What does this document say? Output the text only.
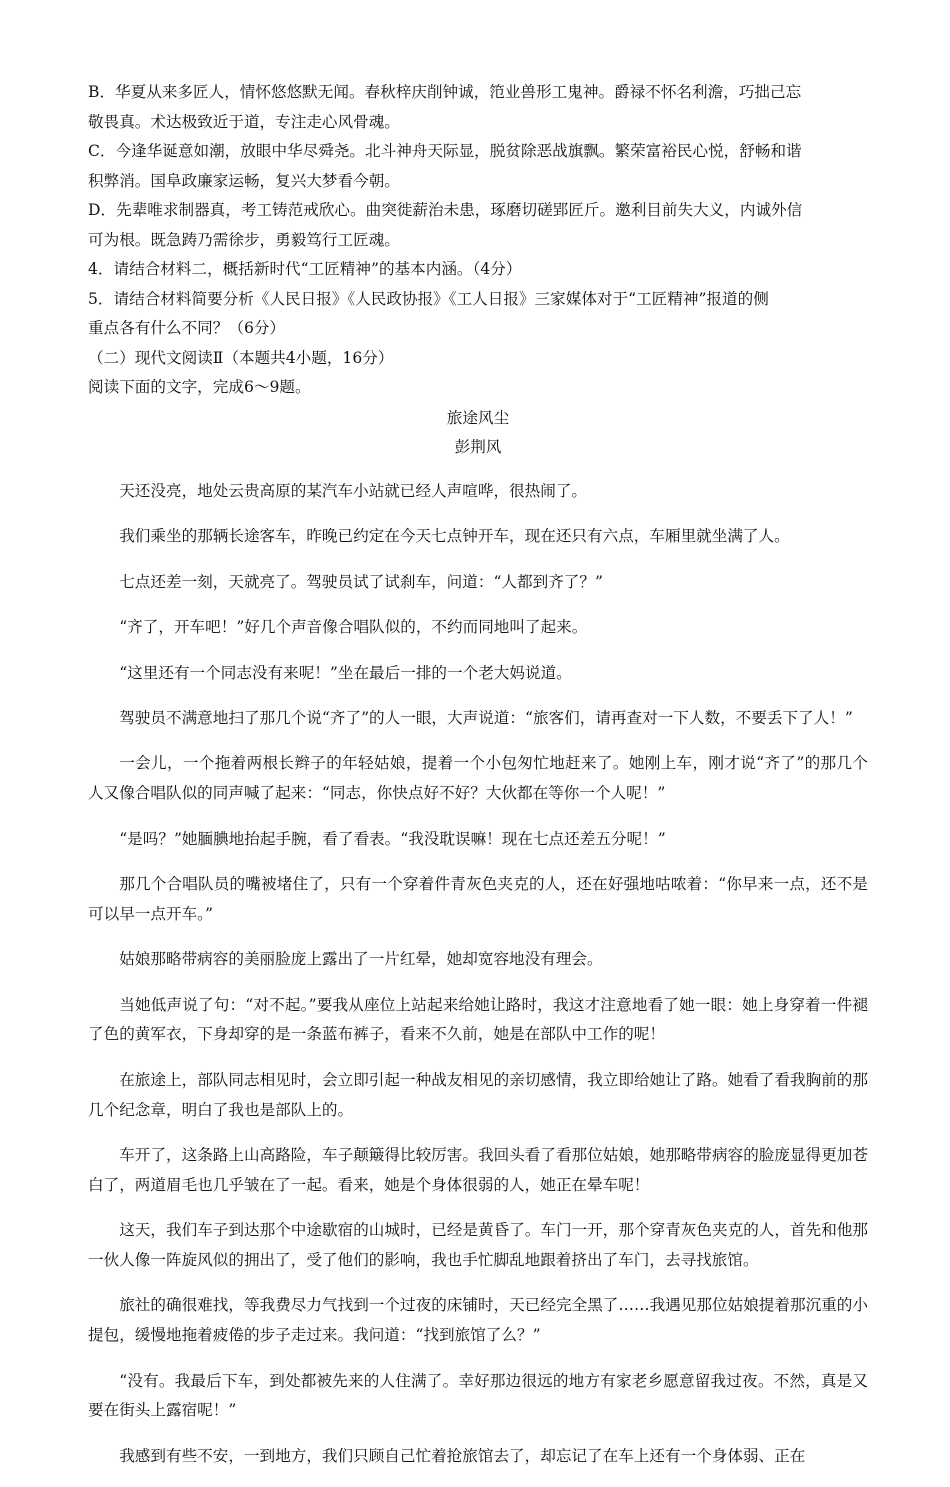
B．华夏从来多匠人，情怀悠悠默无闻。春秋梓庆削钟诚，笵业兽形工鬼神。爵禄不怀名利澹，巧拙己忘

敬畏真。术达极致近于道，专注走心风骨魂。

C．今逢华诞意如潮，放眼中华尽舜尧。北斗神舟天际显，脱贫除恶战旗飘。繁荣富裕民心悦，舒畅和谐

积弊消。国阜政廉家运畅，复兴大梦看今朝。

D．先辈唯求制器真，考工铸范戒欣心。曲突徙薪治未患，琢磨切磋郢匠斤。邀利目前失大义，内诚外信

可为根。既急踌乃需徐步，勇毅笃行工匠魂。

4．请结合材料二，概括新时代“工匠精神”的基本内涵。（4分）

5．请结合材料简要分析《人民日报》《人民政协报》《工人日报》三家媒体对于“工匠精神”报道的侧

重点各有什么不同？（6分）

（二）现代文阅读Ⅱ（本题共4小题，16分）

阅读下面的文字，完成6～9题。

旅途风尘

彭荆风

天还没亮，地处云贵高原的某汽车小站就已经人声喧哗，很热闹了。

我们乘坐的那辆长途客车，昨晚已约定在今天七点钟开车，现在还只有六点，车厢里就坐满了人。

七点还差一刻，天就亮了。驾驶员试了试刹车，问道：“人都到齐了？”

“齐了，开车吧！”好几个声音像合唱队似的，不约而同地叫了起来。

“这里还有一个同志没有来呢！”坐在最后一排的一个老大妈说道。

驾驶员不满意地扫了那几个说“齐了”的人一眼，大声说道：“旅客们，请再查对一下人数，不要丢下了人！”

一会儿，一个拖着两根长辫子的年轻姑娘，提着一个小包匆忙地赶来了。她刚上车，刚才说“齐了”的那几个人又像合唱队似的同声喊了起来：“同志，你快点好不好？大伙都在等你一个人呢！”

“是吗？”她腼腆地抬起手腕，看了看表。“我没耽误嘛！现在七点还差五分呢！”

那几个合唱队员的嘴被堵住了，只有一个穿着件青灰色夹克的人，还在好强地咕哝着：“你早来一点，还不是可以早一点开车。”

姑娘那略带病容的美丽脸庞上露出了一片红晕，她却宽容地没有理会。

当她低声说了句：“对不起。”要我从座位上站起来给她让路时，我这才注意地看了她一眼：她上身穿着一件褪了色的黄军衣，下身却穿的是一条蓝布裤子，看来不久前，她是在部队中工作的呢！

在旅途上，部队同志相见时，会立即引起一种战友相见的亲切感情，我立即给她让了路。她看了看我胸前的那几个纪念章，明白了我也是部队上的。

车开了，这条路上山高路险，车子颠簸得比较厉害。我回头看了看那位姑娘，她那略带病容的脸庞显得更加苍白了，两道眉毛也几乎皱在了一起。看来，她是个身体很弱的人，她正在晕车呢！

这天，我们车子到达那个中途歇宿的山城时，已经是黄昏了。车门一开，那个穿青灰色夹克的人，首先和他那一伙人像一阵旋风似的拥出了，受了他们的影响，我也手忙脚乱地跟着挤出了车门，去寻找旅馆。

旅社的确很难找，等我费尽力气找到一个过夜的床铺时，天已经完全黑了……我遇见那位姑娘提着那沉重的小提包，缓慢地拖着疲倦的步子走过来。我问道：“找到旅馆了么？”

“没有。我最后下车，到处都被先来的人住满了。幸好那边很远的地方有家老乡愿意留我过夜。不然，真是又要在街头上露宿呢！”

我感到有些不安，一到地方，我们只顾自己忙着抢旅馆去了，却忘记了在车上还有一个身体弱、正在
